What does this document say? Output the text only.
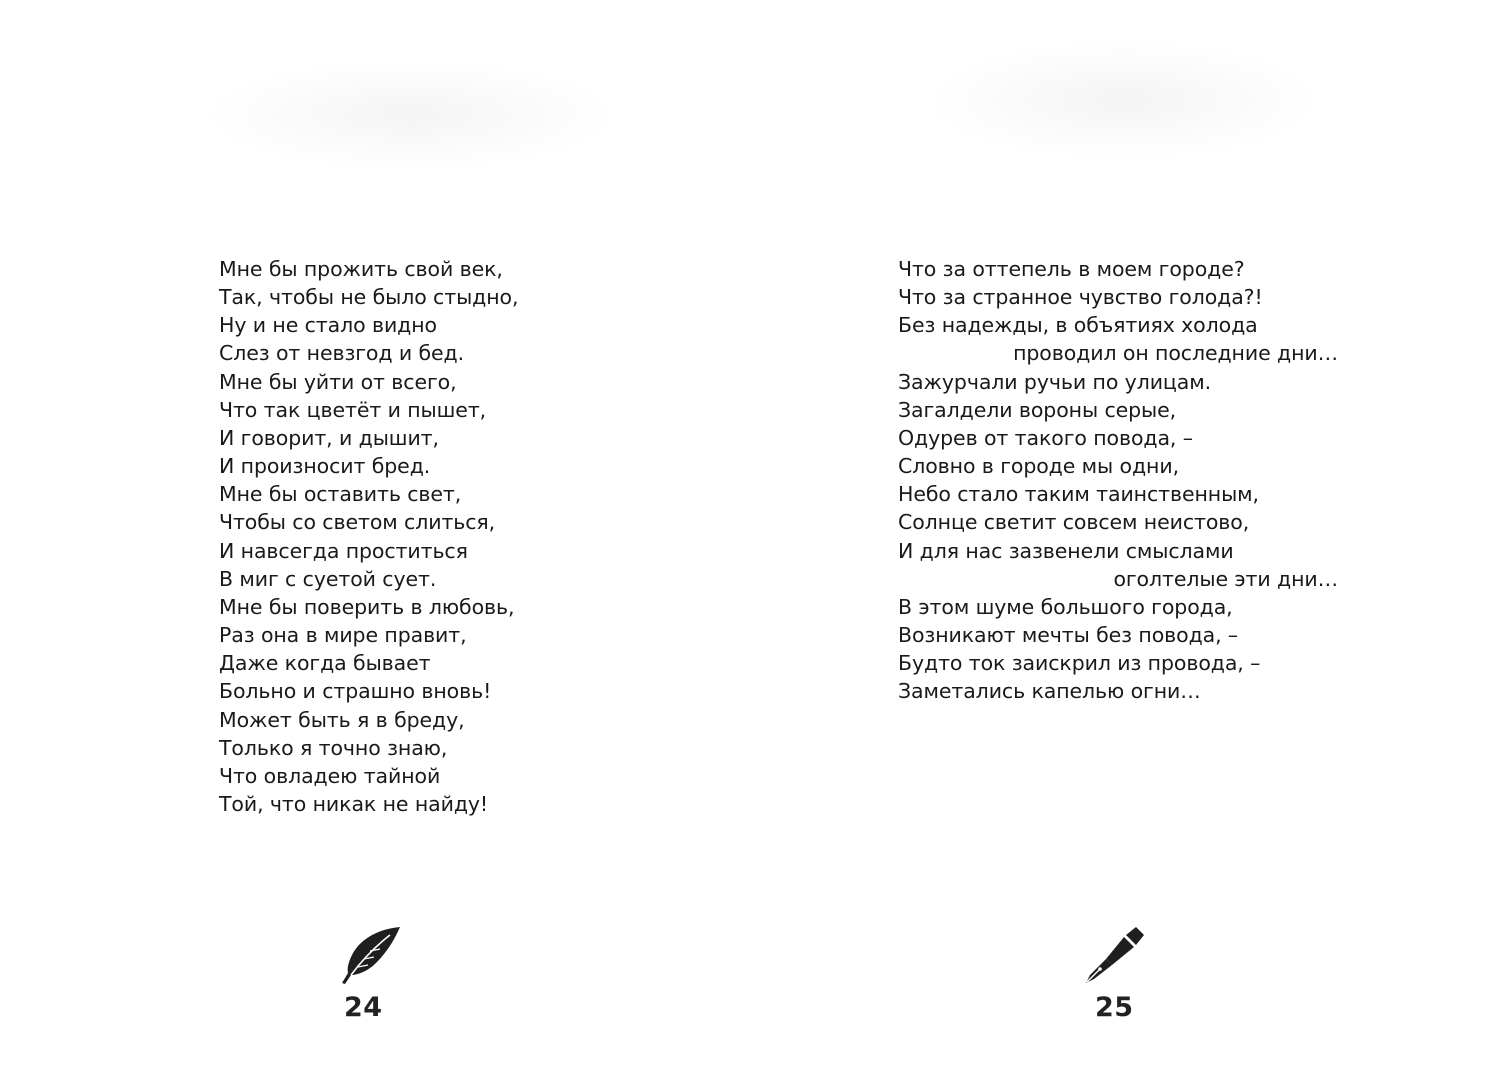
Мне бы прожить свой век,
Так, чтобы не было стыдно,
Ну и не стало видно
Слез от невзгод и бед.
Мне бы уйти от всего,
Что так цветёт и пышет,
И говорит, и дышит,
И произносит бред.
Мне бы оставить свет,
Чтобы со светом слиться,
И навсегда проститься
В миг с суетой сует.
Мне бы поверить в любовь,
Раз она в мире правит,
Даже когда бывает
Больно и страшно вновь!
Может быть я в бреду,
Только я точно знаю,
Что овладею тайной
Той, что никак не найду!
24
Что за оттепель в моем городе?
Что за странное чувство голода?!
Без надежды, в объятиях холода
проводил он последние дни…
Зажурчали ручьи по улицам.
Загалдели вороны серые,
Одурев от такого повода, –
Словно в городе мы одни,
Небо стало таким таинственным,
Солнце светит совсем неистово,
И для нас зазвенели смыслами
оголтелые эти дни…
В этом шуме большого города,
Возникают мечты без повода, –
Будто ток заискрил из провода, –
Заметались капелью огни…
25
